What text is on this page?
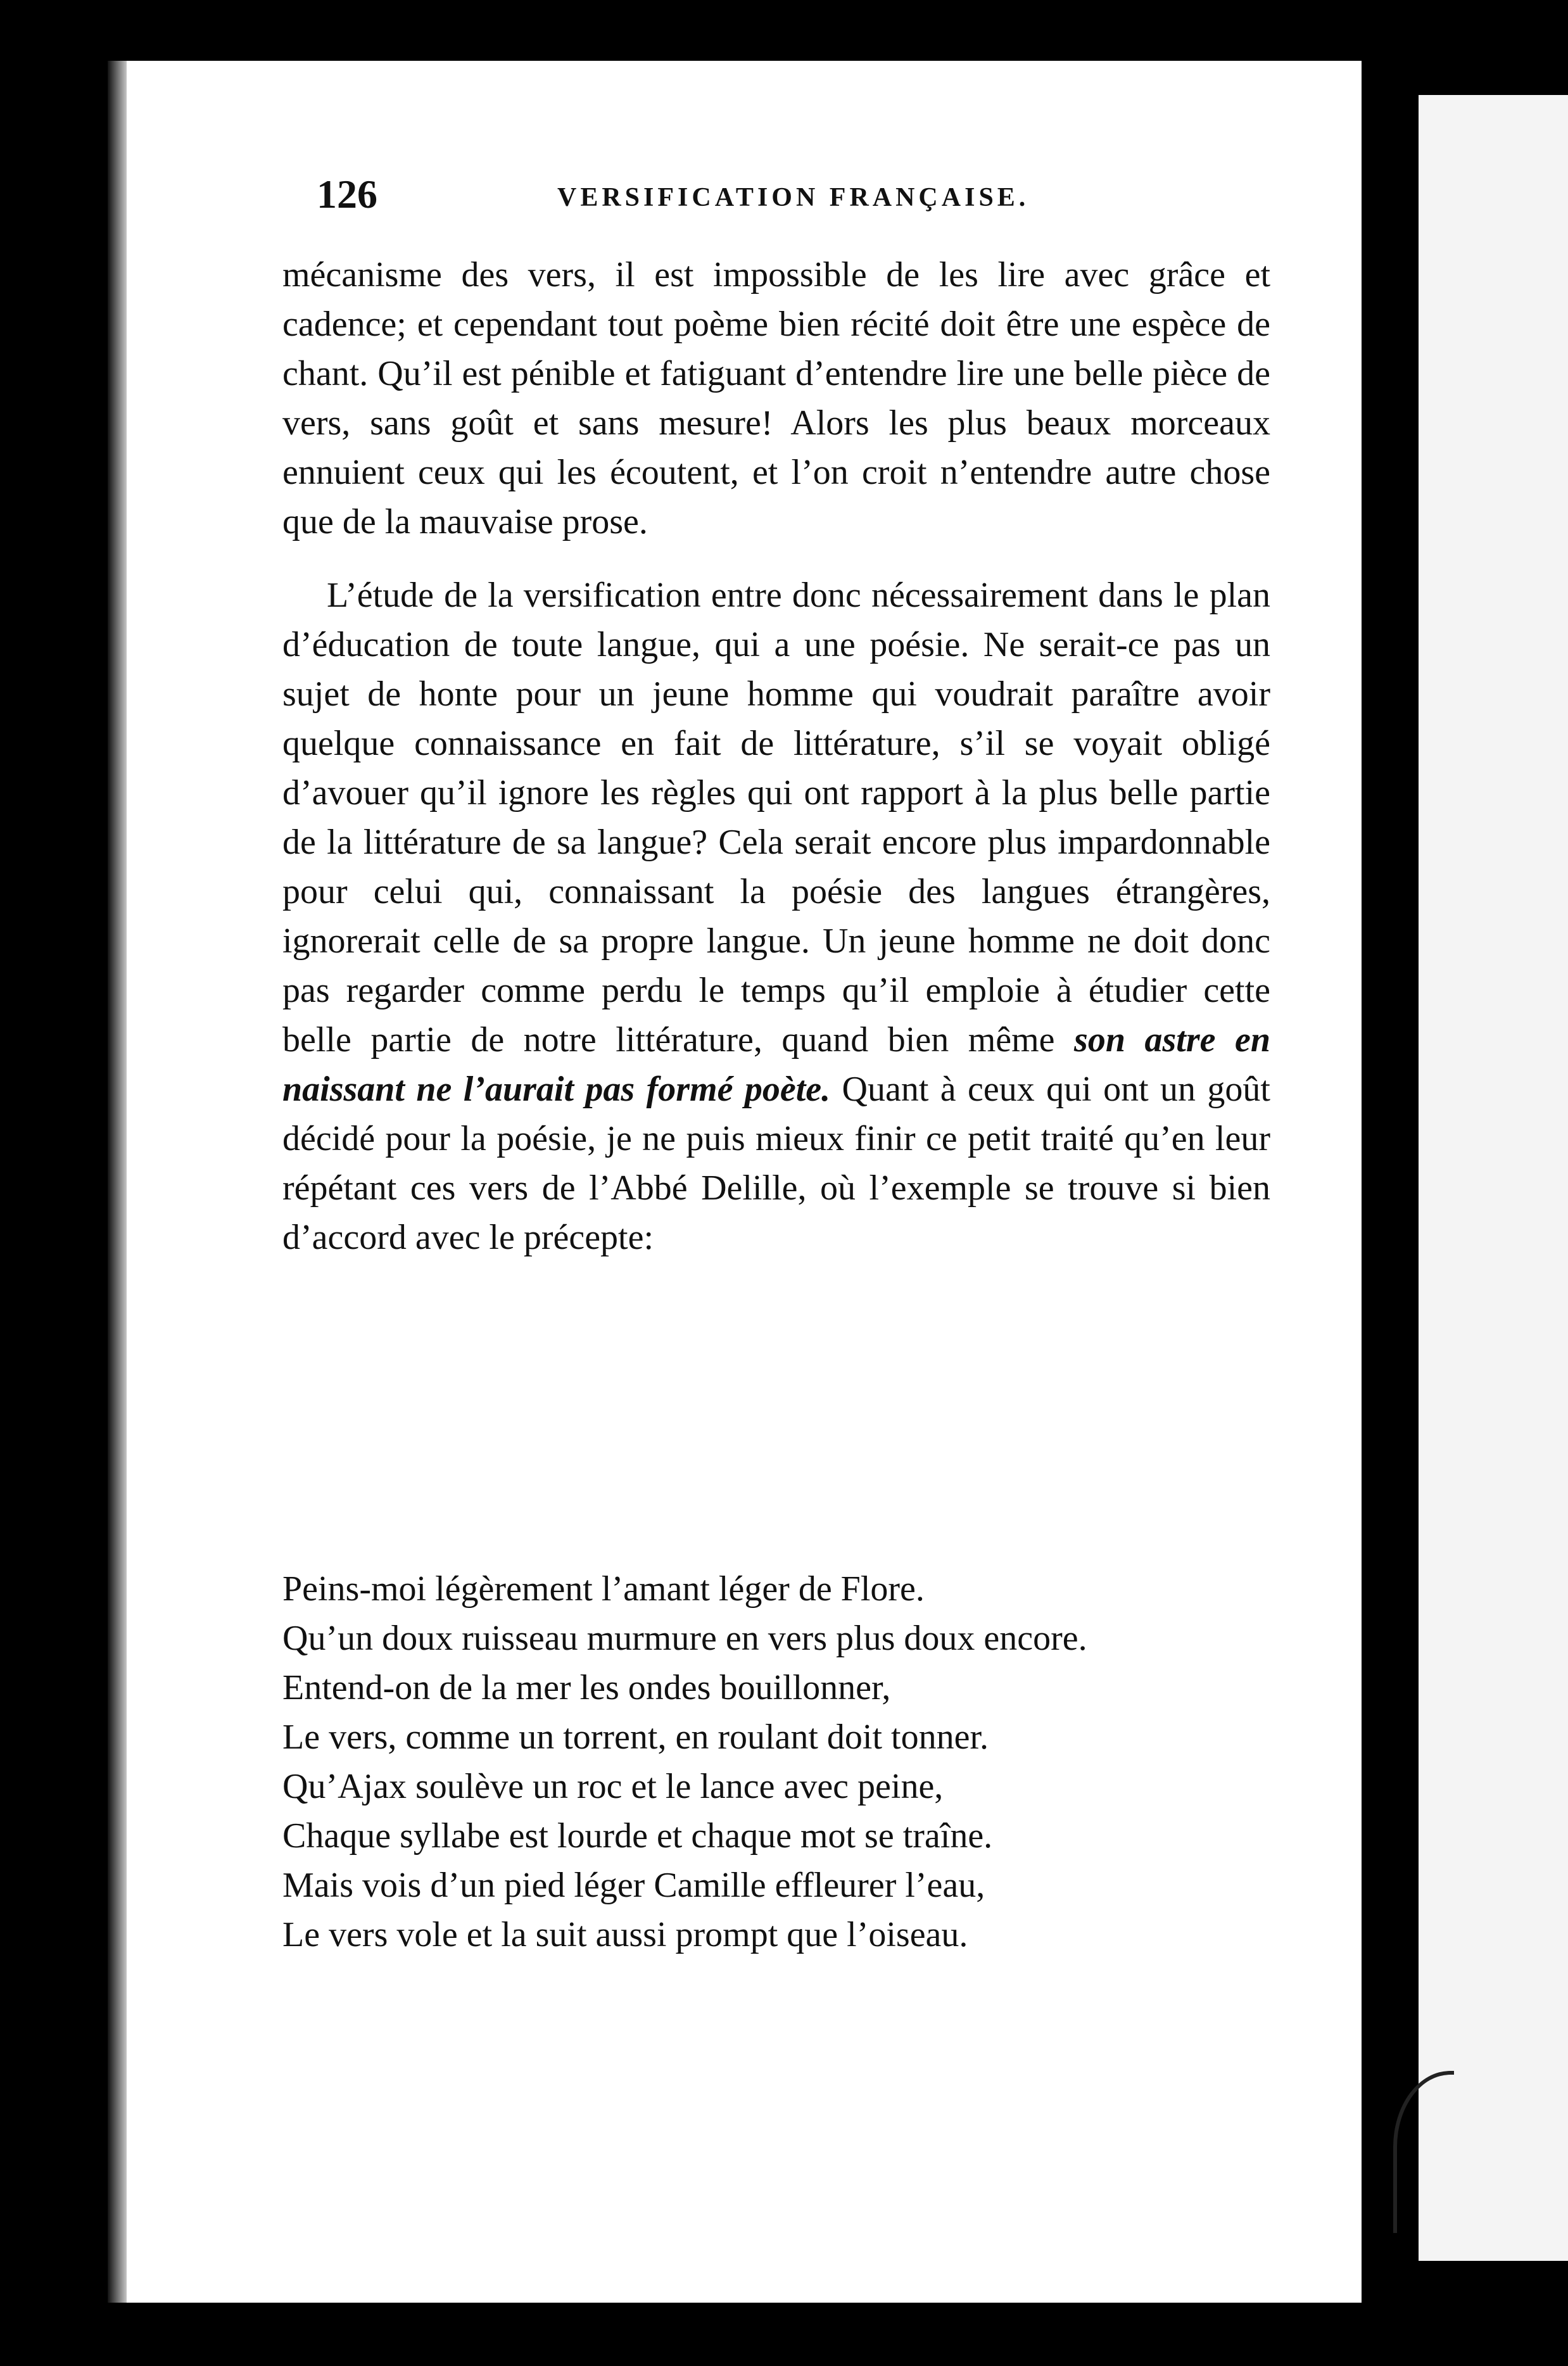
126	VERSIFICATION FRANÇAISE.

mécanisme des vers, il est impossible de les lire avec grâce et cadence; et cependant tout poème bien récité doit être une espèce de chant. Qu’il est pénible et fatiguant d’entendre lire une belle pièce de vers, sans goût et sans mesure! Alors les plus beaux morceaux ennuient ceux qui les écoutent, et l’on croit n’entendre autre chose que de la mauvaise prose.

L’étude de la versification entre donc nécessairement dans le plan d’éducation de toute langue, qui a une poésie. Ne serait-ce pas un sujet de honte pour un jeune homme qui voudrait paraître avoir quelque connaissance en fait de littérature, s’il se voyait obligé d’avouer qu’il ignore les règles qui ont rapport à la plus belle partie de la littérature de sa langue? Cela serait encore plus impardonnable pour celui qui, connaissant la poésie des langues étrangères, ignorerait celle de sa propre langue. Un jeune homme ne doit donc pas regarder comme perdu le temps qu’il emploie à étudier cette belle partie de notre littérature, quand bien même son astre en naissant ne l’aurait pas formé poète. Quant à ceux qui ont un goût décidé pour la poésie, je ne puis mieux finir ce petit traité qu’en leur répétant ces vers de l’Abbé Delille, où l’exemple se trouve si bien d’accord avec le précepte:

Peins-moi légèrement l’amant léger de Flore.
Qu’un doux ruisseau murmure en vers plus doux encore.
Entend-on de la mer les ondes bouillonner,
Le vers, comme un torrent, en roulant doit tonner.
Qu’Ajax soulève un roc et le lance avec peine,
Chaque syllabe est lourde et chaque mot se traîne.
Mais vois d’un pied léger Camille effleurer l’eau,
Le vers vole et la suit aussi prompt que l’oiseau.
